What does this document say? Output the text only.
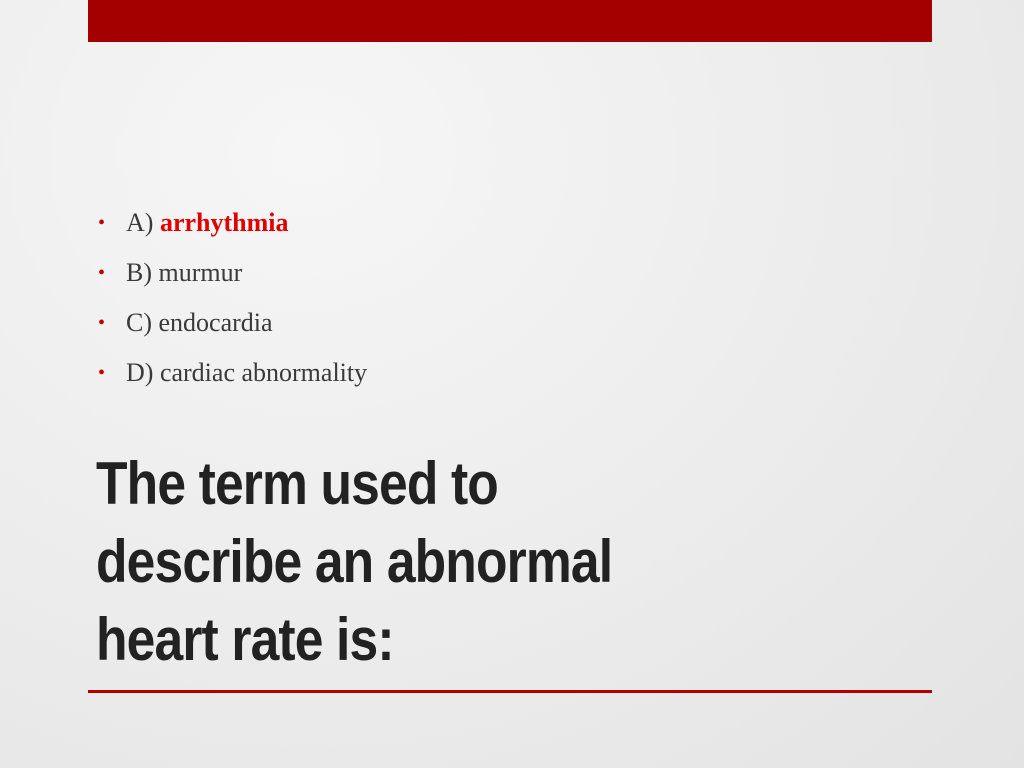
• A) arrhythmia
• B) murmur
• C) endocardia
• D) cardiac abnormality
The term used to
describe an abnormal
heart rate is:
